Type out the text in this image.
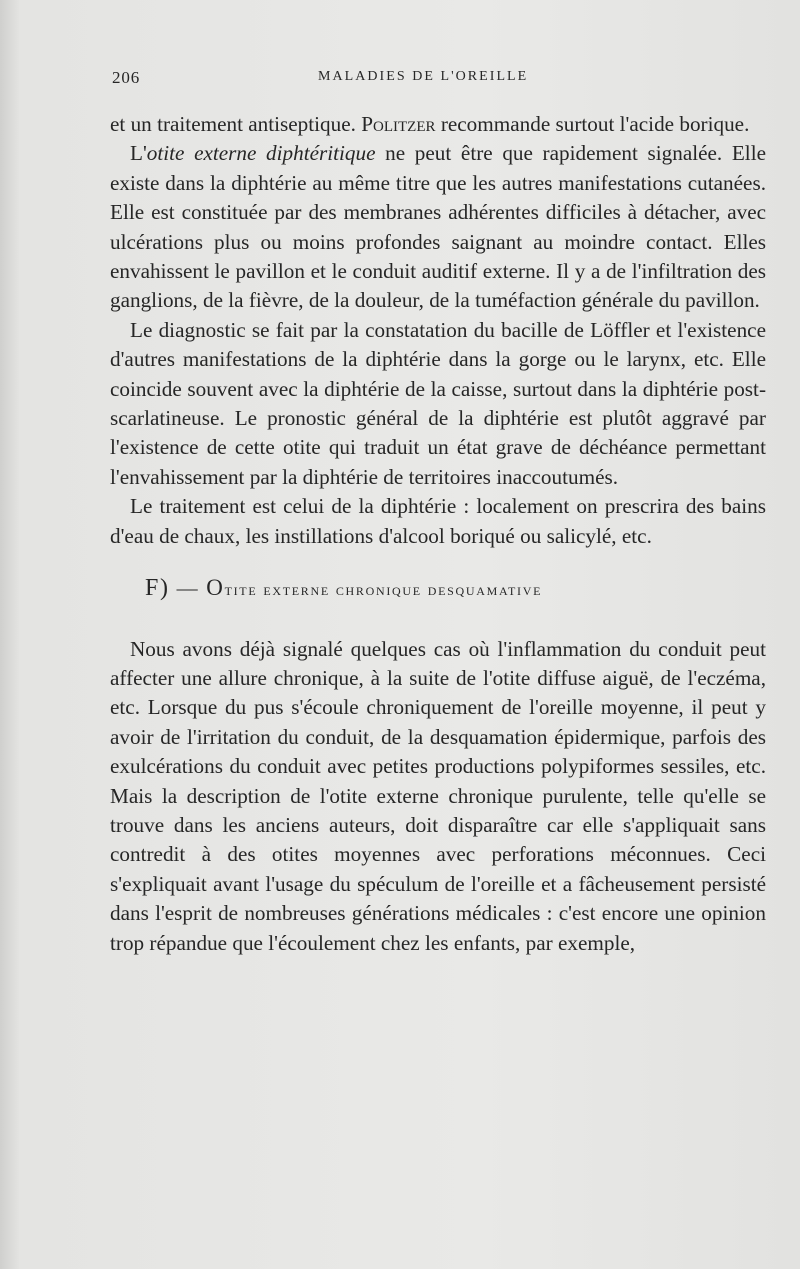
206	MALADIES DE L'OREILLE

et un traitement antiseptique. Politzer recommande surtout l'acide borique.

L'otite externe diphtéritique ne peut être que rapidement signalée. Elle existe dans la diphtérie au même titre que les autres manifestations cutanées. Elle est constituée par des membranes adhérentes difficiles à détacher, avec ulcérations plus ou moins profondes saignant au moindre contact. Elles envahissent le pavillon et le conduit auditif externe. Il y a de l'infiltration des ganglions, de la fièvre, de la douleur, de la tuméfaction générale du pavillon.

Le diagnostic se fait par la constatation du bacille de Löffler et l'existence d'autres manifestations de la diphtérie dans la gorge ou le larynx, etc. Elle coincide souvent avec la diphtérie de la caisse, surtout dans la diphtérie post-scarlatineuse. Le pronostic général de la diphtérie est plutôt aggravé par l'existence de cette otite qui traduit un état grave de déchéance permettant l'envahissement par la diphtérie de territoires inaccoutumés.

Le traitement est celui de la diphtérie : localement on prescrira des bains d'eau de chaux, les instillations d'alcool boriqué ou salicylé, etc.

F) — Otite externe chronique desquamative

Nous avons déjà signalé quelques cas où l'inflammation du conduit peut affecter une allure chronique, à la suite de l'otite diffuse aiguë, de l'eczéma, etc. Lorsque du pus s'écoule chroniquement de l'oreille moyenne, il peut y avoir de l'irritation du conduit, de la desquamation épidermique, parfois des exulcérations du conduit avec petites productions polypiformes sessiles, etc. Mais la description de l'otite externe chronique purulente, telle qu'elle se trouve dans les anciens auteurs, doit disparaître car elle s'appliquait sans contredit à des otites moyennes avec perforations méconnues. Ceci s'expliquait avant l'usage du spéculum de l'oreille et a fâcheusement persisté dans l'esprit de nombreuses générations médicales : c'est encore une opinion trop répandue que l'écoulement chez les enfants, par exemple,
